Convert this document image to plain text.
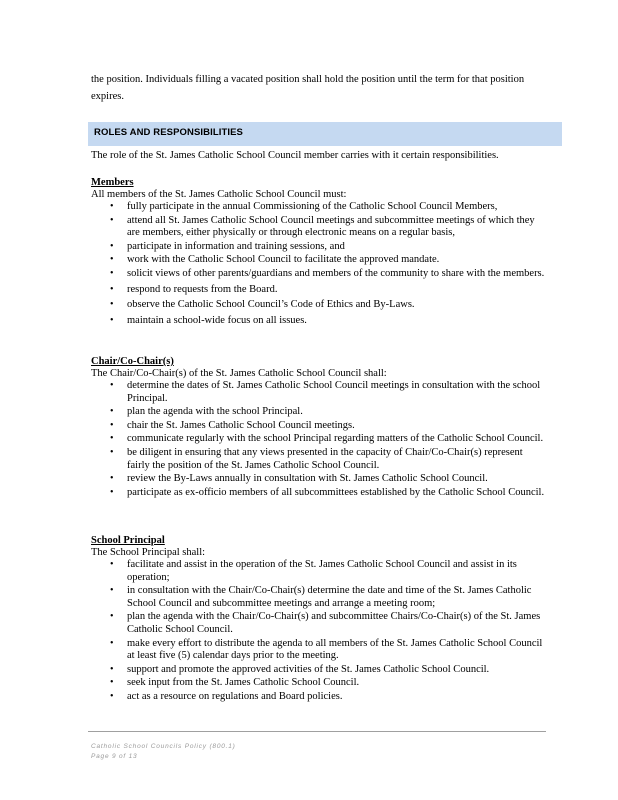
the position. Individuals filling a vacated position shall hold the position until the term for that position expires.
ROLES AND RESPONSIBILITIES
The role of the St. James Catholic School Council member carries with it certain responsibilities.
Members
All members of the St. James Catholic School Council must:
• fully participate in the annual Commissioning of the Catholic School Council Members,
• attend all St. James Catholic School Council meetings and subcommittee meetings of which they are members, either physically or through electronic means on a regular basis,
• participate in information and training sessions, and
• work with the Catholic School Council to facilitate the approved mandate.
• solicit views of other parents/guardians and members of the community to share with the members.
• respond to requests from the Board.
• observe the Catholic School Council’s Code of Ethics and By-Laws.
• maintain a school-wide focus on all issues.
Chair/Co-Chair(s)
The Chair/Co-Chair(s) of the St. James Catholic School Council shall:
• determine the dates of St. James Catholic School Council meetings in consultation with the school Principal.
• plan the agenda with the school Principal.
• chair the St. James Catholic School Council meetings.
• communicate regularly with the school Principal regarding matters of the Catholic School Council.
• be diligent in ensuring that any views presented in the capacity of Chair/Co-Chair(s) represent fairly the position of the St. James Catholic School Council.
• review the By-Laws annually in consultation with St. James Catholic School Council.
• participate as ex-officio members of all subcommittees established by the Catholic School Council.
School Principal
The School Principal shall:
• facilitate and assist in the operation of the St. James Catholic School Council and assist in its operation;
• in consultation with the Chair/Co-Chair(s) determine the date and time of the St. James Catholic School Council and subcommittee meetings and arrange a meeting room;
• plan the agenda with the Chair/Co-Chair(s) and subcommittee Chairs/Co-Chair(s) of the St. James Catholic School Council.
• make every effort to distribute the agenda to all members of the St. James Catholic School Council at least five (5) calendar days prior to the meeting.
• support and promote the approved activities of the St. James Catholic School Council.
• seek input from the St. James Catholic School Council.
• act as a resource on regulations and Board policies.
Catholic School Councils Policy (800.1)
Page 9 of 13
